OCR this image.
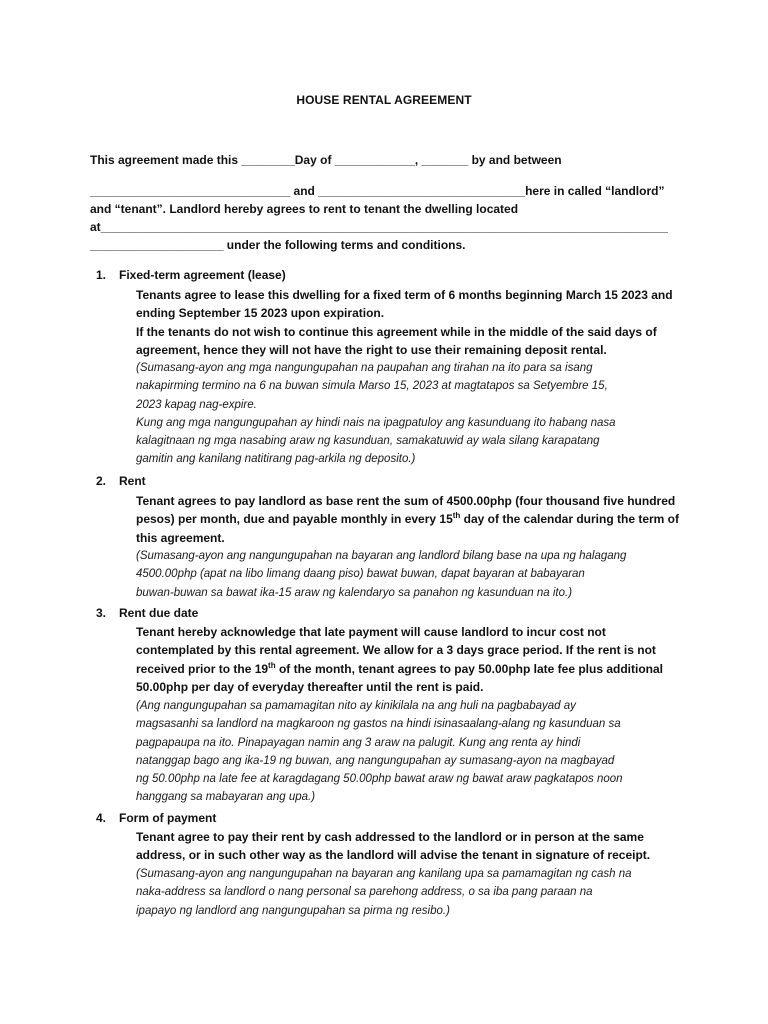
HOUSE RENTAL AGREEMENT
This agreement made this ________Day of ____________, _______ by and between
______________________________ and _______________________________here in called “landlord”
and “tenant”. Landlord hereby agrees to rent to tenant the dwelling located
at_____________________________________________________________________________________
____________________ under the following terms and conditions.
1. Fixed-term agreement (lease)
Tenants agree to lease this dwelling for a fixed term of 6 months beginning March 15 2023 and
ending September 15 2023 upon expiration.
If the tenants do not wish to continue this agreement while in the middle of the said days of
agreement, hence they will not have the right to use their remaining deposit rental.
(Sumasang-ayon ang mga nangungupahan na paupahan ang tirahan na ito para sa isang
nakapirming termino na 6 na buwan simula Marso 15, 2023 at magtatapos sa Setyembre 15,
2023 kapag nag-expire.
Kung ang mga nangungupahan ay hindi nais na ipagpatuloy ang kasunduang ito habang nasa
kalagitnaan ng mga nasabing araw ng kasunduan, samakatuwid ay wala silang karapatang
gamitin ang kanilang natitirang pag-arkila ng deposito.)
2. Rent
Tenant agrees to pay landlord as base rent the sum of 4500.00php (four thousand five hundred
pesos) per month, due and payable monthly in every 15th day of the calendar during the term of
this agreement.
(Sumasang-ayon ang nangungupahan na bayaran ang landlord bilang base na upa ng halagang
4500.00php (apat na libo limang daang piso) bawat buwan, dapat bayaran at babayaran
buwan-buwan sa bawat ika-15 araw ng kalendaryo sa panahon ng kasunduan na ito.)
3. Rent due date
Tenant hereby acknowledge that late payment will cause landlord to incur cost not
contemplated by this rental agreement. We allow for a 3 days grace period. If the rent is not
received prior to the 19th of the month, tenant agrees to pay 50.00php late fee plus additional
50.00php per day of everyday thereafter until the rent is paid.
(Ang nangungupahan sa pamamagitan nito ay kinikilala na ang huli na pagbabayad ay
magsasanhi sa landlord na magkaroon ng gastos na hindi isinasaalang-alang ng kasunduan sa
pagpapaupa na ito. Pinapayagan namin ang 3 araw na palugit. Kung ang renta ay hindi
natanggap bago ang ika-19 ng buwan, ang nangungupahan ay sumasang-ayon na magbayad
ng 50.00php na late fee at karagdagang 50.00php bawat araw ng bawat araw pagkatapos noon
hanggang sa mabayaran ang upa.)
4. Form of payment
Tenant agree to pay their rent by cash addressed to the landlord or in person at the same
address, or in such other way as the landlord will advise the tenant in signature of receipt.
(Sumasang-ayon ang nangungupahan na bayaran ang kanilang upa sa pamamagitan ng cash na
naka-address sa landlord o nang personal sa parehong address, o sa iba pang paraan na
ipapayo ng landlord ang nangungupahan sa pirma ng resibo.)
